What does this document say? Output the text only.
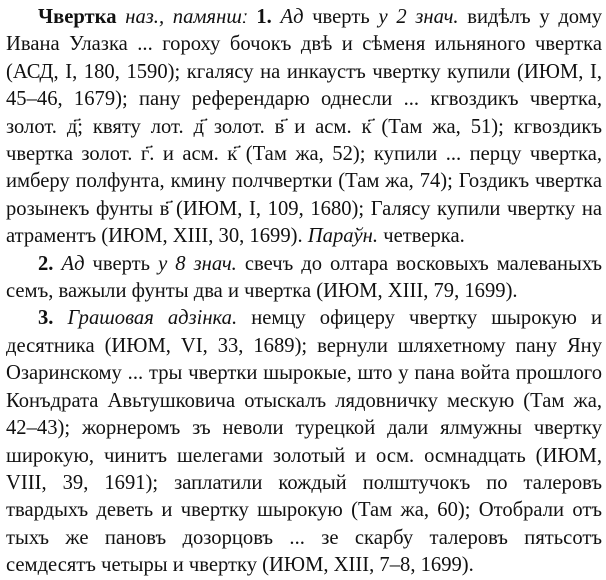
Чвертка наз., памяншː 1. Ад чверть у 2 знач. видѣлъ у дому Ивана Улазка ... гороху бочокъ двѣ и сѣменя ильняного чвертка (АСД, I, 180, 1590); кгалясу на инкаустъ чвертку купили (ИЮМ, I, 45–46, 1679); пану референдарю однесли ... кгвоздикъ чвертка, золот. д҃; квяту лот. д҃ золот. в҃ и асм. к҃ (Там жа, 51); кгвоздикъ чвертка золот. г҃. и асм. к҃ (Там жа, 52); купили ... перцу чвертка, имберу полфунта, кмину полчвертки (Там жа, 74); Гоздикъ чвертка розынекъ фунты в҃ (ИЮМ, I, 109, 1680); Галясу купили чвертку на атраментъ (ИЮМ, XIII, 30, 1699). Параўн. четверка.

2. Ад чверть у 8 знач. свечъ до олтара восковыхъ малеваныхъ семъ, важыли фунты два и чвертка (ИЮМ, XIII, 79, 1699).

3. Грашовая адзінка. немцу офицеру чвертку шырокую и десятника (ИЮМ, VI, 33, 1689); вернули шляхетному пану Яну Озаринскому ... тры чвертки шырокые, што у пана войта прошлого Конъдрата Авьтушковича отыскалъ лядовничку мескую (Там жа, 42–43); жорнеромъ зъ неволи турецкой дали ялмужны чвертку широкую, чинитъ шелегами золотый и осм. осмнадцать (ИЮМ, VIII, 39, 1691); заплатили кождый полштучокъ по талеровъ твардыхъ деветь и чвертку шырокую (Там жа, 60); Отобрали отъ тыхъ же пановъ дозорцовъ ... зе скарбу талеровъ пятьсотъ семдесятъ четыры и чвертку (ИЮМ, XIII, 7–8, 1699).
